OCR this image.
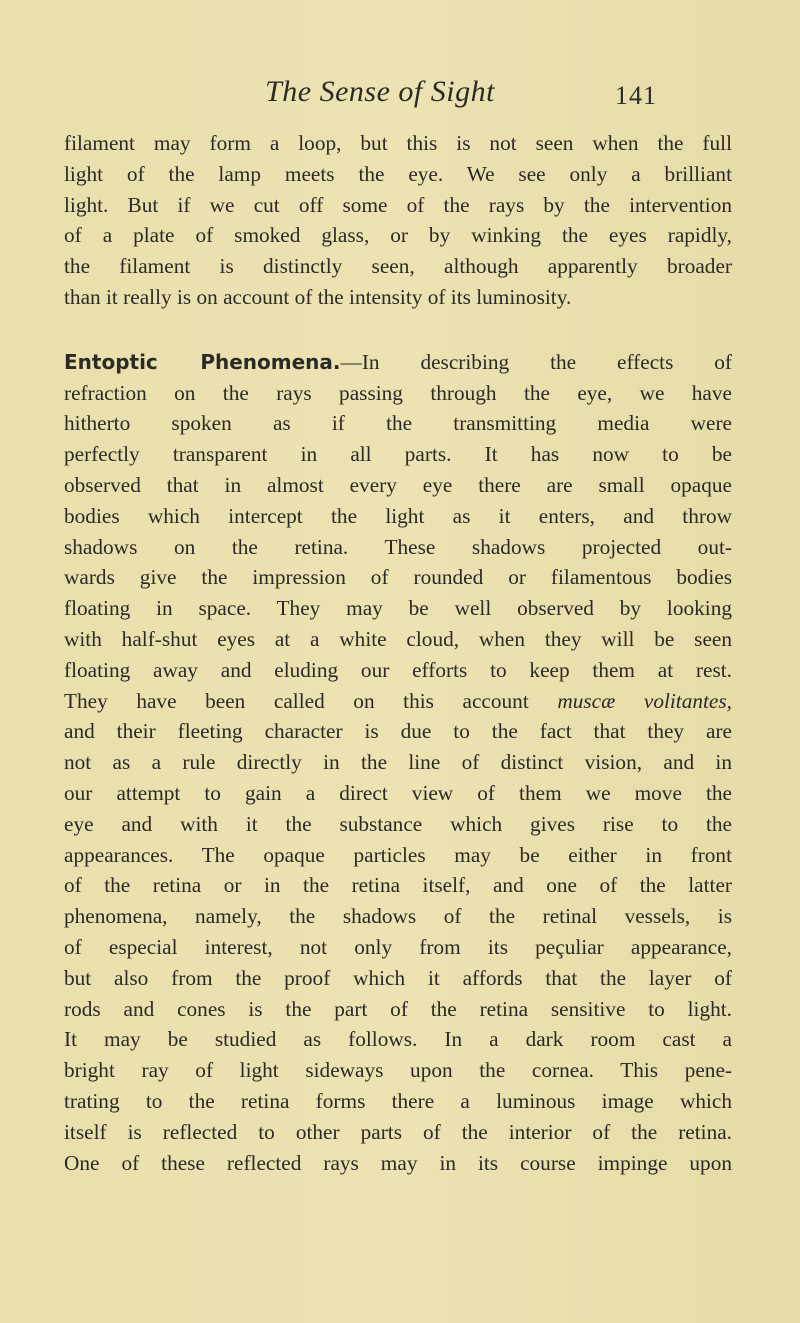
The Sense of Sight	141
filament may form a loop, but this is not seen when the full
light of the lamp meets the eye. We see only a brilliant
light. But if we cut off some of the rays by the intervention
of a plate of smoked glass, or by winking the eyes rapidly,
the filament is distinctly seen, although apparently broader
than it really is on account of the intensity of its luminosity.
Entoptic Phenomena.—In describing the effects of
refraction on the rays passing through the eye, we have
hitherto spoken as if the transmitting media were
perfectly transparent in all parts. It has now to be
observed that in almost every eye there are small opaque
bodies which intercept the light as it enters, and throw
shadows on the retina. These shadows projected out-
wards give the impression of rounded or filamentous bodies
floating in space. They may be well observed by looking
with half-shut eyes at a white cloud, when they will be seen
floating away and eluding our efforts to keep them at rest.
They have been called on this account muscæ volitantes,
and their fleeting character is due to the fact that they are
not as a rule directly in the line of distinct vision, and in
our attempt to gain a direct view of them we move the
eye and with it the substance which gives rise to the
appearances. The opaque particles may be either in front
of the retina or in the retina itself, and one of the latter
phenomena, namely, the shadows of the retinal vessels, is
of especial interest, not only from its peçuliar appearance,
but also from the proof which it affords that the layer of
rods and cones is the part of the retina sensitive to light.
It may be studied as follows. In a dark room cast a
bright ray of light sideways upon the cornea. This pene-
trating to the retina forms there a luminous image which
itself is reflected to other parts of the interior of the retina.
One of these reflected rays may in its course impinge upon
